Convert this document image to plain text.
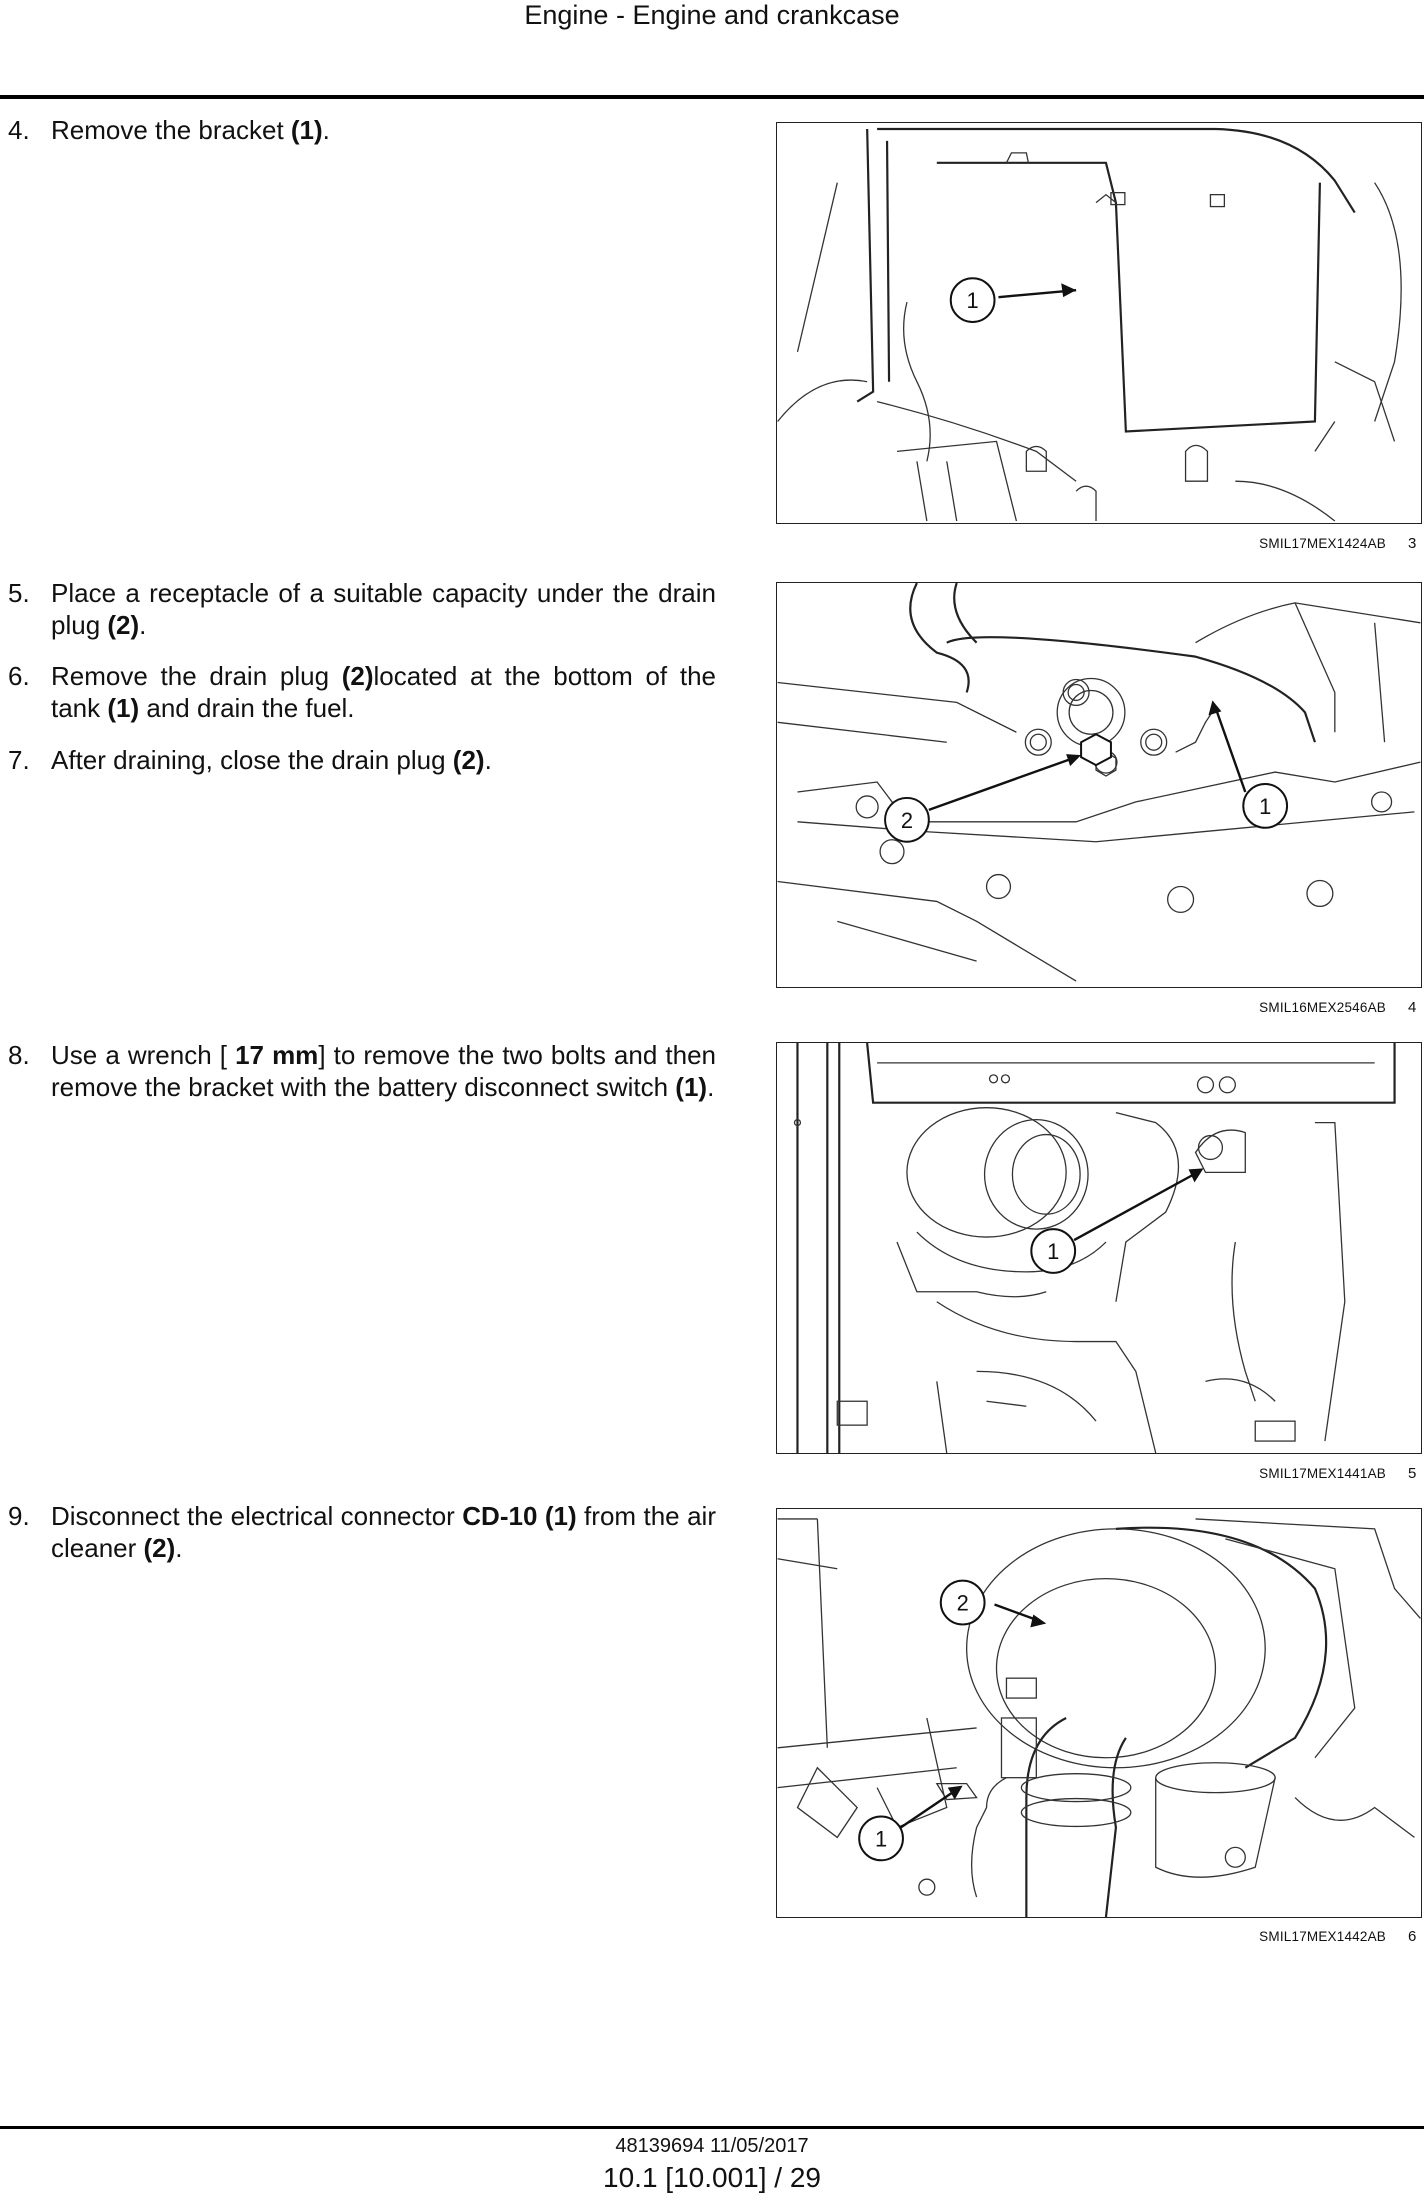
Engine - Engine and crankcase
4. Remove the bracket (1).
5. Place a receptacle of a suitable capacity under the drain plug (2).
6. Remove the drain plug (2)located at the bottom of the tank (1) and drain the fuel.
7. After draining, close the drain plug (2).
8. Use a wrench [ 17 mm] to remove the two bolts and then remove the bracket with the battery disconnect switch (1).
9. Disconnect the electrical connector CD-10 (1) from the air cleaner (2).
1
SMIL17MEX1424AB 3
2
1
SMIL16MEX2546AB 4
1
SMIL17MEX1441AB 5
2
1
SMIL17MEX1442AB 6
48139694 11/05/2017
10.1 [10.001] / 29
